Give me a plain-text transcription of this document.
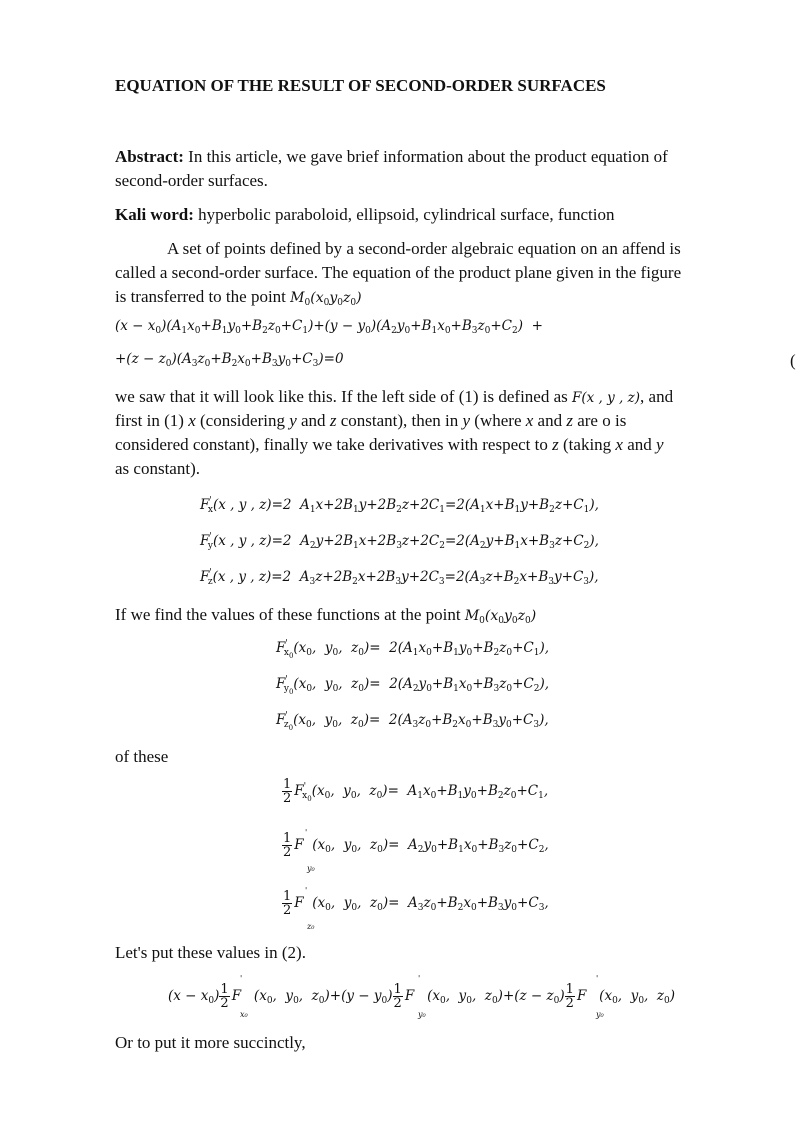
EQUATION OF THE RESULT OF SECOND-ORDER SURFACES
Abstract: In this article, we gave brief information about the product equation of
second-order surfaces.
Kali word: hyperbolic paraboloid, ellipsoid, cylindrical surface, function
A set of points defined by a second-order algebraic equation on an affend is
called a second-order surface. The equation of the product plane given in the figure
is transferred to the point $M_0(x_0y_0z_0)$
$(x - x_0)(A_1x_0+B_1y_0+B_2z_0+C_1)+(y - y_0)(A_2y_0+B_1x_0+B_3z_0+C_2)$  +
$+(z - z_0)(A_3z_0+B_2x_0+B_3y_0+C_3)=0$	(
we saw that it will look like this. If the left side of (1) is defined as F(x , y , z), and
first in (1) x (considering y and z constant), then in y (where x and z are o is
considered constant), finally we take derivatives with respect to z (taking x and y
as constant).
$F'_x(x$ , y , z)=2  $A_1x+2B_1y+2B_2z+2C_1=2(A_1x+B_1y+B_2z+C_1)$,
$F'_y(x$ , y , z)=2  $A_2y+2B_1x+2B_3z+2C_2=2(A_2y+B_1x+B_3z+C_2)$,
$F'_z(x$ , y , z)=2  $A_3z+2B_2x+2B_3y+2C_3=2(A_3z+B_2x+B_3y+C_3)$,
If we find the values of these functions at the point $M_0(x_0y_0z_0)$
$F'_{x_0}(x_0$,  $y_0$,  $z_0)= 2(A_1x_0+B_1y_0+B_2z_0+C_1)$,
$F'_{y_0}(x_0$,  $y_0$,  $z_0)= 2(A_2y_0+B_1x_0+B_3z_0+C_2)$,
$F'_{z_0}(x_0$,  $y_0$,  $z_0)= 2(A_3z_0+B_2x_0+B_3y_0+C_3)$,
of these
$\frac{1}{2} F'_{x_0}(x_0$,  $y_0$,  $z_0)= A_1x_0+B_1y_0+B_2z_0+C_1$,
$\frac{1}{2}$ F  ($x_0$,  $y_0$,  $z_0)= A_2y_0+B_1x_0+B_3z_0+C_2$,
'
y₀
$\frac{1}{2}$ F  ($x_0$,  $y_0$,  $z_0)= A_3z_0+B_2x_0+B_3y_0+C_3$,
'
z₀
Let's put these values in (2).
$(x - x_0) \frac{1}{2}$ F   ($x_0$,  $y_0$,  $z_0)+(y - y_0) \frac{1}{2}$ F   ($x_0$,  $y_0$,  $z_0)+(z - z_0) \frac{1}{2}$ F   ($x_0$,  $y_0$,  $z_0$)
'
x₀
'
y₀
'
y₀
Or to put it more succinctly,
